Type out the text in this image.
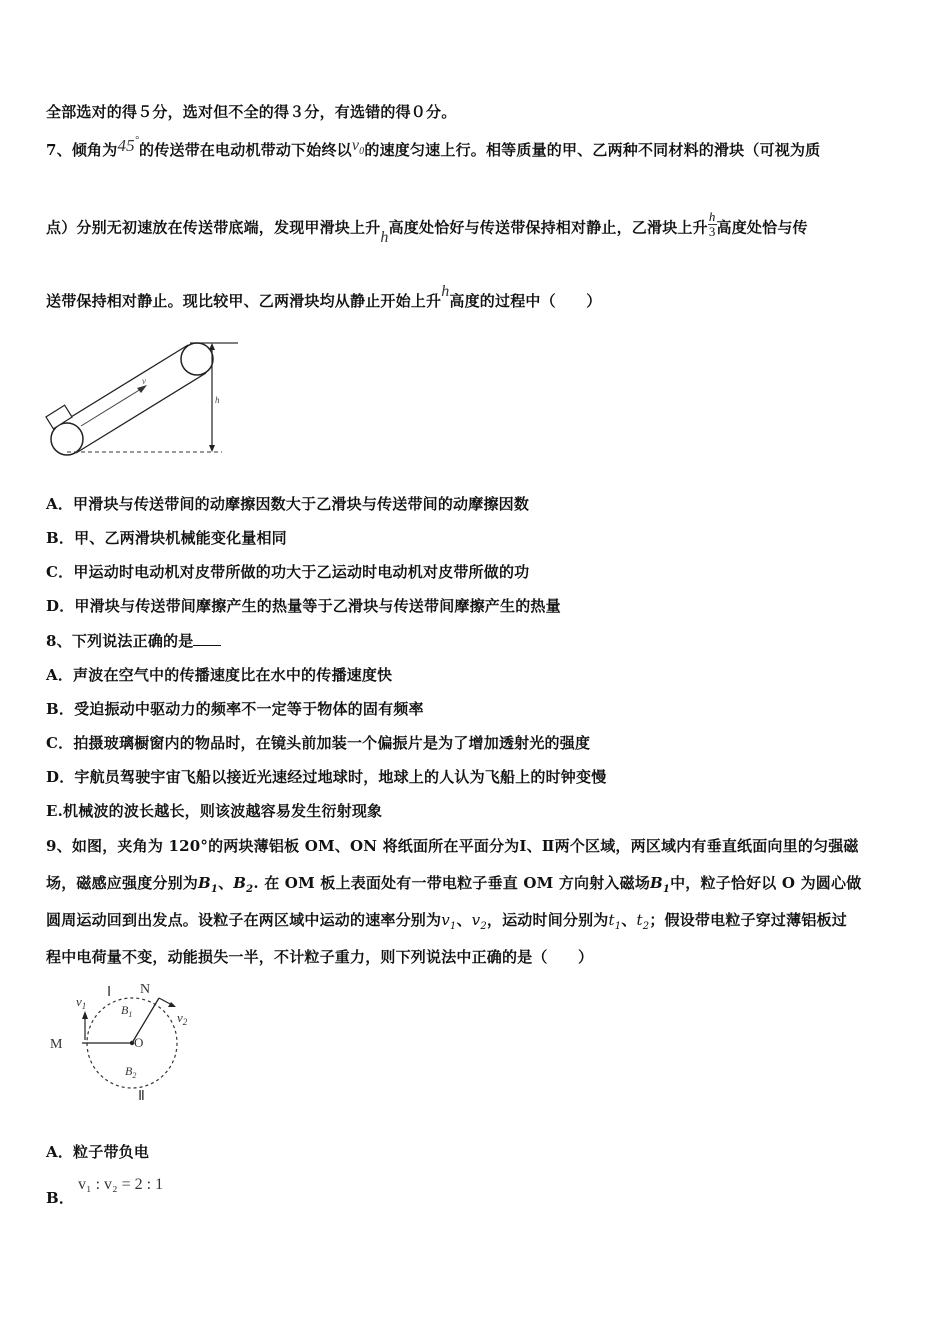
全部选对的得５分，选对但不全的得３分，有选错的得０分。
7、倾角为45°的传送带在电动机带动下始终以$v_0$的速度匀速上行。相等质量的甲、乙两种不同材料的滑块（可视为质
点）分别无初速放在传送带底端，发现甲滑块上升h高度处恰好与传送带保持相对静止，乙滑块上升 $\frac{h}{3}$ 高度处恰与传
送带保持相对静止。现比较甲、乙两滑块均从静止开始上升h高度的过程中（　　）
v
h
A．甲滑块与传送带间的动摩擦因数大于乙滑块与传送带间的动摩擦因数
B．甲、乙两滑块机械能变化量相同
C．甲运动时电动机对皮带所做的功大于乙运动时电动机对皮带所做的功
D．甲滑块与传送带间摩擦产生的热量等于乙滑块与传送带间摩擦产生的热量
8、下列说法正确的是
A．声波在空气中的传播速度比在水中的传播速度快
B．受迫振动中驱动力的频率不一定等于物体的固有频率
C．拍摄玻璃橱窗内的物品时，在镜头前加装一个偏振片是为了增加透射光的强度
D．宇航员驾驶宇宙飞船以接近光速经过地球时，地球上的人认为飞船上的时钟变慢
E.机械波的波长越长，则该波越容易发生衍射现象
9、如图，夹角为 120°的两块薄铝板 OM、ON 将纸面所在平面分为Ⅰ、Ⅱ两个区域，两区域内有垂直纸面向里的匀强磁
场，磁感应强度分别为$B_1$、$B_2$. 在 OM 板上表面处有一带电粒子垂直 OM 方向射入磁场$B_1$中，粒子恰好以 O 为圆心做
圆周运动回到出发点。设粒子在两区域中运动的速率分别为$v_1$、$v_2$，运动时间分别为$t_1$、$t_2$；假设带电粒子穿过薄铝板过
程中电荷量不变，动能损失一半，不计粒子重力，则下列说法中正确的是（　　）
Ⅰ N
M	O
$v_1$
$v_2$
$B_1$
$B_2$
Ⅱ
A．粒子带负电
B．
v₁ : v₂ = 2 : 1
